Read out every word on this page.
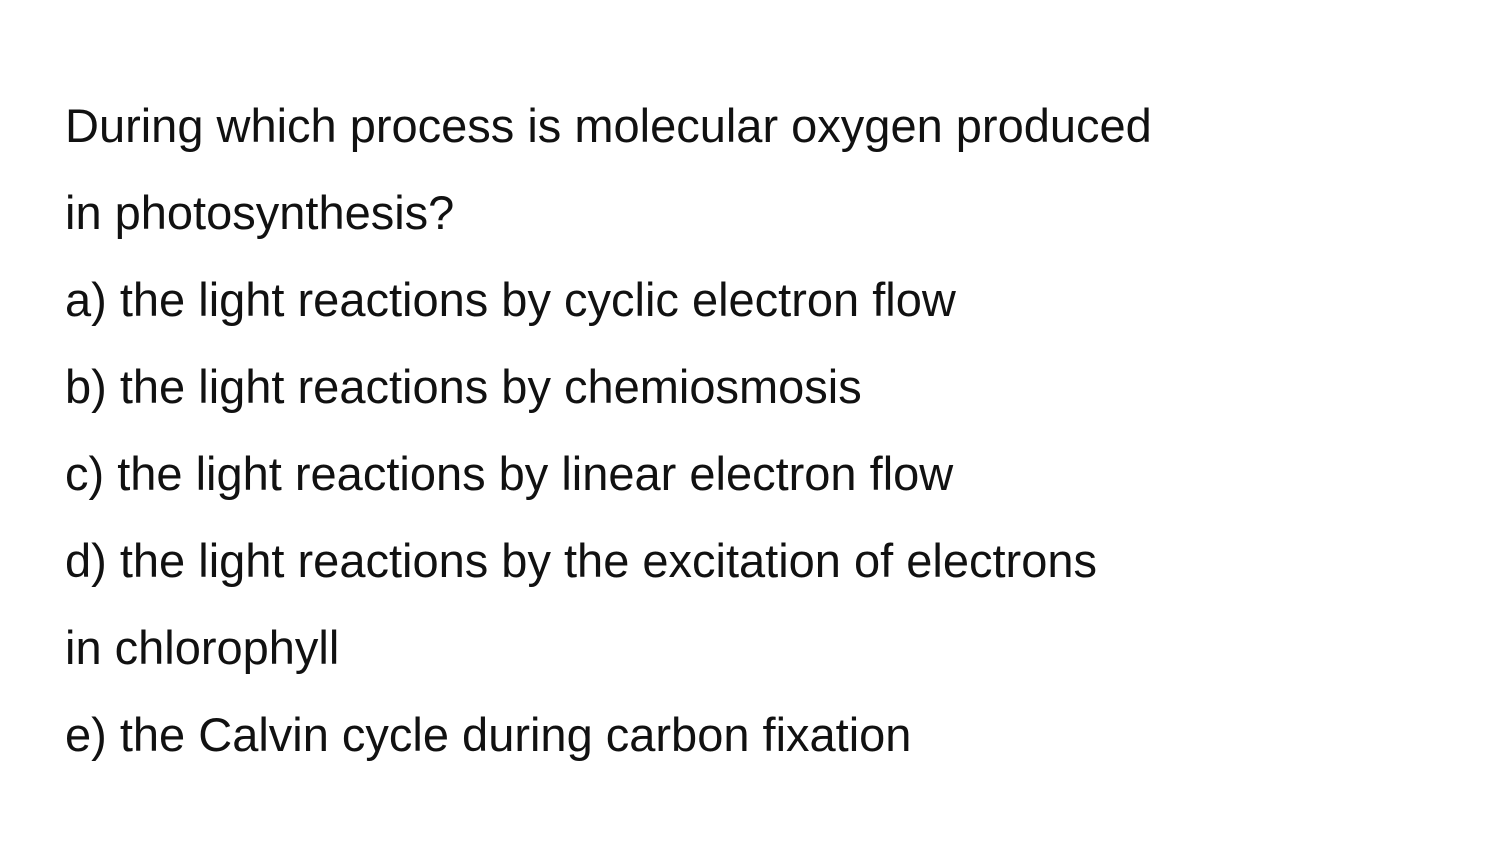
During which process is molecular oxygen produced
in photosynthesis?
a) the light reactions by cyclic electron flow
b) the light reactions by chemiosmosis
c) the light reactions by linear electron flow
d) the light reactions by the excitation of electrons
in chlorophyll
e) the Calvin cycle during carbon fixation
